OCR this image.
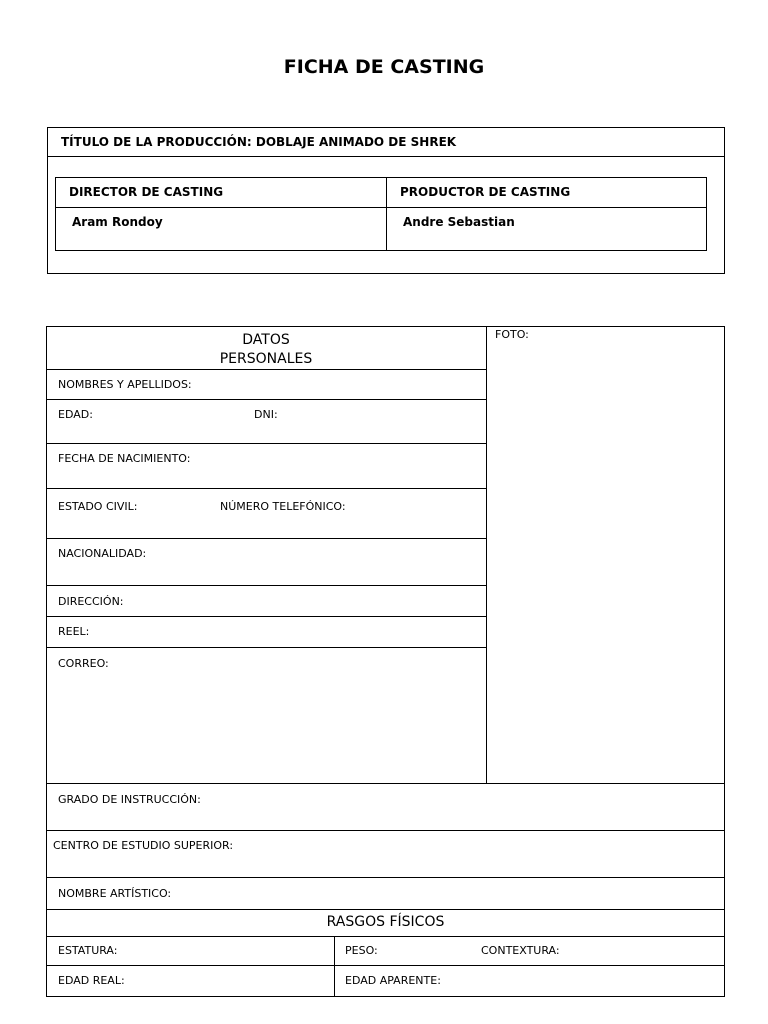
FICHA DE CASTING
TÍTULO DE LA PRODUCCIÓN: DOBLAJE ANIMADO DE SHREK
DIRECTOR DE CASTING	PRODUCTOR DE CASTING
Aram Rondoy	Andre Sebastian
DATOS
PERSONALES
FOTO:
NOMBRES Y APELLIDOS:
EDAD:	DNI:
FECHA DE NACIMIENTO:
ESTADO CIVIL:	NÚMERO TELEFÓNICO:
NACIONALIDAD:
DIRECCIÓN:
REEL:
CORREO:
GRADO DE INSTRUCCIÓN:
CENTRO DE ESTUDIO SUPERIOR:
NOMBRE ARTÍSTICO:
RASGOS FÍSICOS
ESTATURA:	PESO:	CONTEXTURA:
EDAD REAL:	EDAD APARENTE:
